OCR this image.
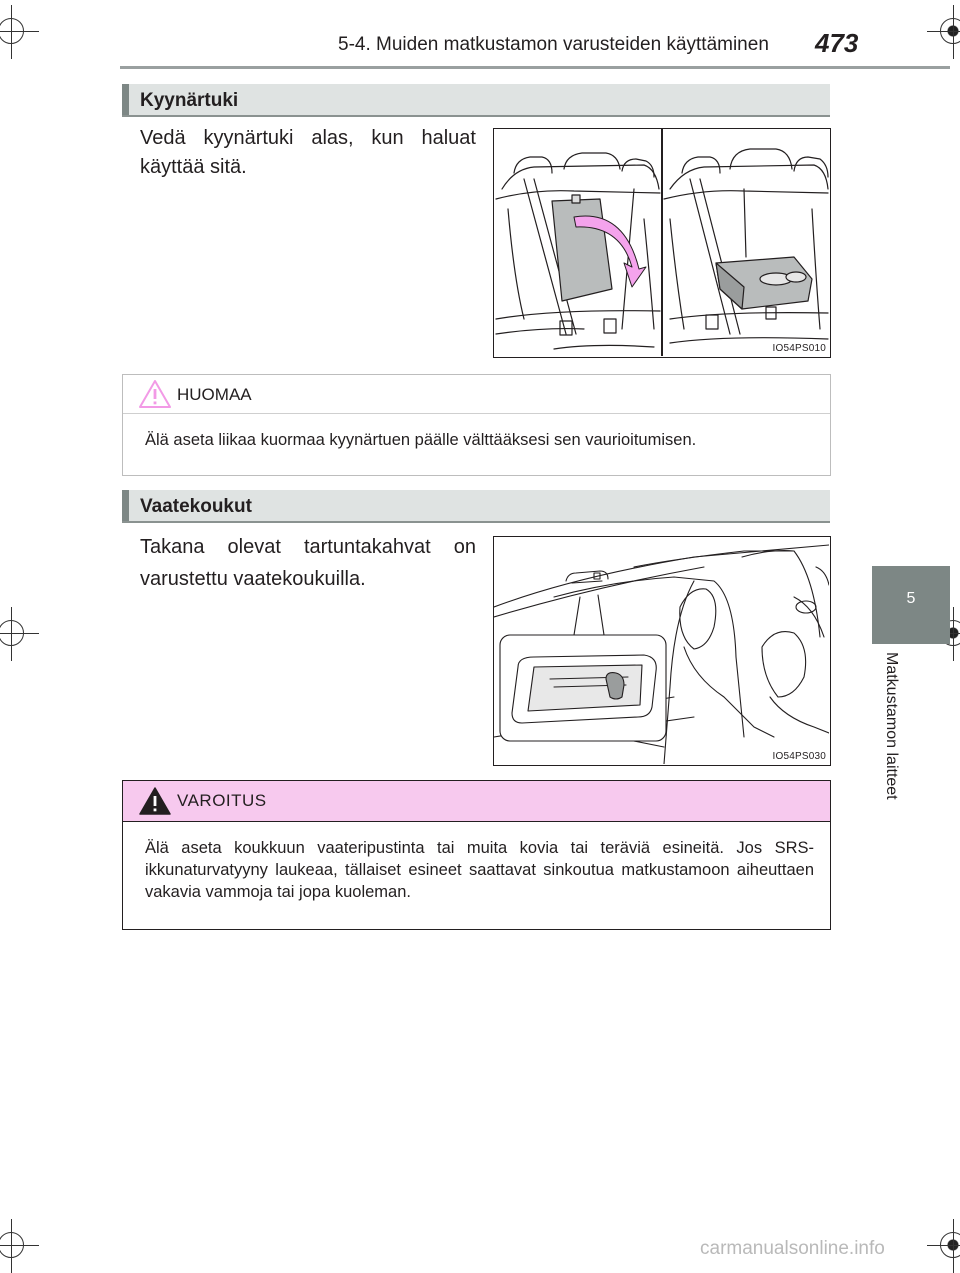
5-4. Muiden matkustamon varusteiden käyttäminen 473
5
Matkustamon laitteet
Kyynärtuki
Vedä kyynärtuki alas, kun haluat käyttää sitä.
IO54PS010
HUOMAA
Älä aseta liikaa kuormaa kyynärtuen päälle välttääksesi sen vaurioitumisen.
Vaatekoukut
Takana olevat tartuntakahvat on varustettu vaatekoukuilla.
IO54PS030
VAROITUS
Älä aseta koukkuun vaateripustinta tai muita kovia tai teräviä esineitä. Jos SRS-ikkunaturvatyyny laukeaa, tällaiset esineet saattavat sinkoutua matkustamoon aiheuttaen vakavia vammoja tai jopa kuoleman.
carmanualsonline.info
